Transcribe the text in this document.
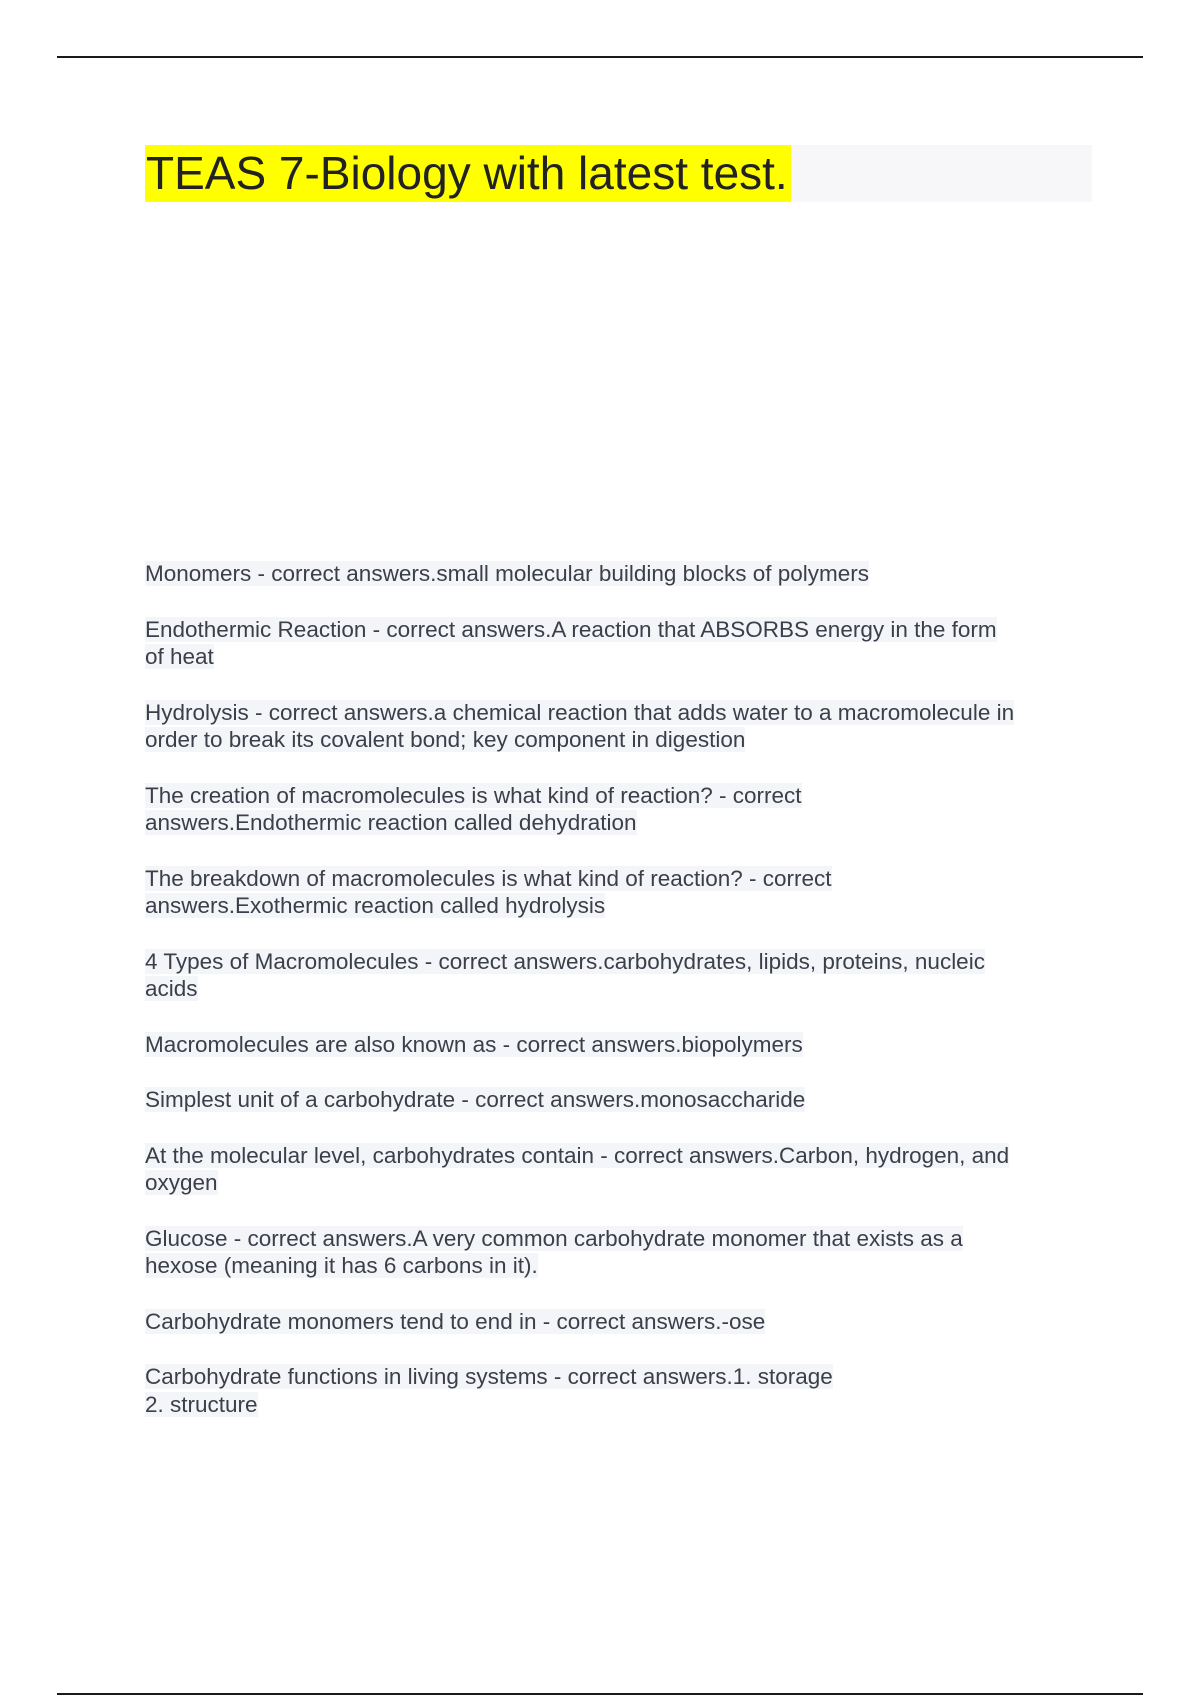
TEAS 7-Biology with latest test.
Monomers - correct answers.small molecular building blocks of polymers
Endothermic Reaction - correct answers.A reaction that ABSORBS energy in the form
of heat
Hydrolysis - correct answers.a chemical reaction that adds water to a macromolecule in
order to break its covalent bond; key component in digestion
The creation of macromolecules is what kind of reaction? - correct
answers.Endothermic reaction called dehydration
The breakdown of macromolecules is what kind of reaction? - correct
answers.Exothermic reaction called hydrolysis
4 Types of Macromolecules - correct answers.carbohydrates, lipids, proteins, nucleic
acids
Macromolecules are also known as - correct answers.biopolymers
Simplest unit of a carbohydrate - correct answers.monosaccharide
At the molecular level, carbohydrates contain - correct answers.Carbon, hydrogen, and
oxygen
Glucose - correct answers.A very common carbohydrate monomer that exists as a
hexose (meaning it has 6 carbons in it).
Carbohydrate monomers tend to end in - correct answers.-ose
Carbohydrate functions in living systems - correct answers.1. storage
2. structure
